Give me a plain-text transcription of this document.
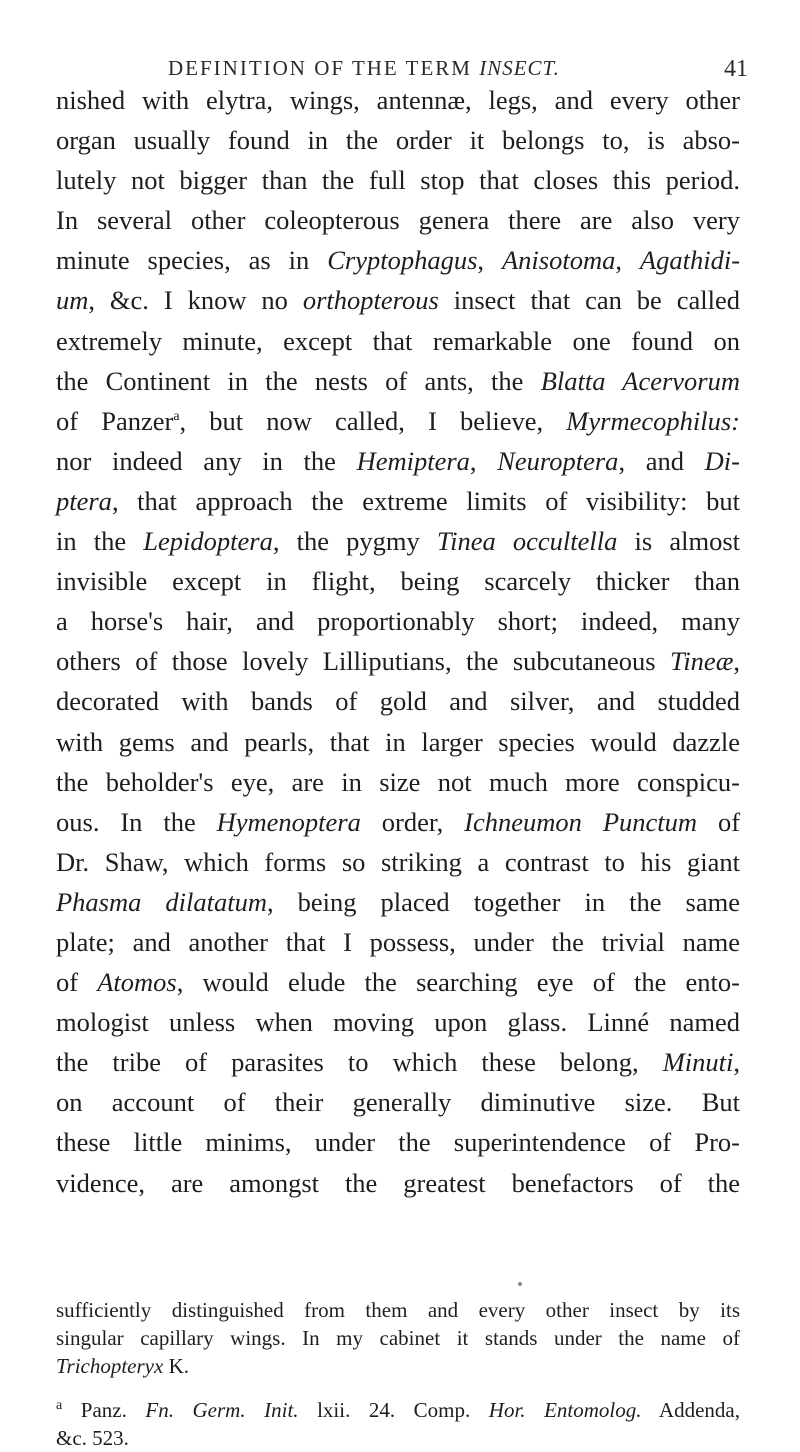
DEFINITION OF THE TERM INSECT.	41
nished with elytra, wings, antennæ, legs, and every other
organ usually found in the order it belongs to, is abso-
lutely not bigger than the full stop that closes this period.
In several other coleopterous genera there are also very
minute species, as in Cryptophagus, Anisotoma, Agathidi-
um, &c. I know no orthopterous insect that can be called
extremely minute, except that remarkable one found on
the Continent in the nests of ants, the Blatta Acervorum
of Panzer$^a$, but now called, I believe, Myrmecophilus:
nor indeed any in the Hemiptera, Neuroptera, and Di-
ptera, that approach the extreme limits of visibility: but
in the Lepidoptera, the pygmy Tinea occultella is almost
invisible except in flight, being scarcely thicker than
a horse's hair, and proportionably short; indeed, many
others of those lovely Lilliputians, the subcutaneous Tineæ,
decorated with bands of gold and silver, and studded
with gems and pearls, that in larger species would dazzle
the beholder's eye, are in size not much more conspicu-
ous. In the Hymenoptera order, Ichneumon Punctum of
Dr. Shaw, which forms so striking a contrast to his giant
Phasma dilatatum, being placed together in the same
plate; and another that I possess, under the trivial name
of Atomos, would elude the searching eye of the ento-
mologist unless when moving upon glass. Linné named
the tribe of parasites to which these belong, Minuti,
on account of their generally diminutive size. But
these little minims, under the superintendence of Pro-
vidence, are amongst the greatest benefactors of the
sufficiently distinguished from them and every other insect by its
singular capillary wings. In my cabinet it stands under the name of
Trichopteryx K.
$^a$ Panz. Fn. Germ. Init. lxii. 24. Comp. Hor. Entomolog. Addenda,
&c. 523.
